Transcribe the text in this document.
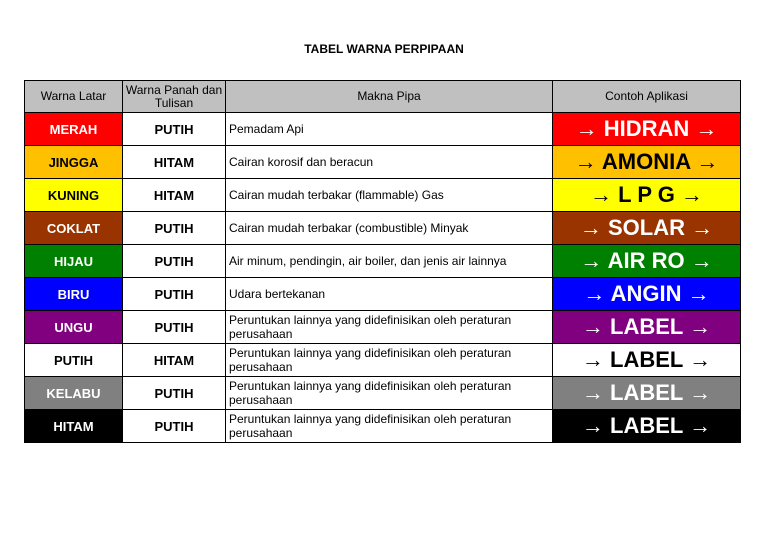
TABEL WARNA PERPIPAAN
Warna Latar	Warna Panah dan Tulisan	Makna Pipa	Contoh Aplikasi
MERAH	PUTIH	Pemadam Api	→ HIDRAN →
JINGGA	HITAM	Cairan korosif dan beracun	→ AMONIA →
KUNING	HITAM	Cairan mudah terbakar (flammable) Gas	→ L P G →
COKLAT	PUTIH	Cairan mudah terbakar (combustible) Minyak	→ SOLAR →
HIJAU	PUTIH	Air minum, pendingin, air boiler, dan jenis air lainnya	→ AIR RO →
BIRU	PUTIH	Udara bertekanan	→ ANGIN →
UNGU	PUTIH	Peruntukan lainnya yang didefinisikan oleh peraturan perusahaan	→ LABEL →
PUTIH	HITAM	Peruntukan lainnya yang didefinisikan oleh peraturan perusahaan	→ LABEL →
KELABU	PUTIH	Peruntukan lainnya yang didefinisikan oleh peraturan perusahaan	→ LABEL →
HITAM	PUTIH	Peruntukan lainnya yang didefinisikan oleh peraturan perusahaan	→ LABEL →
